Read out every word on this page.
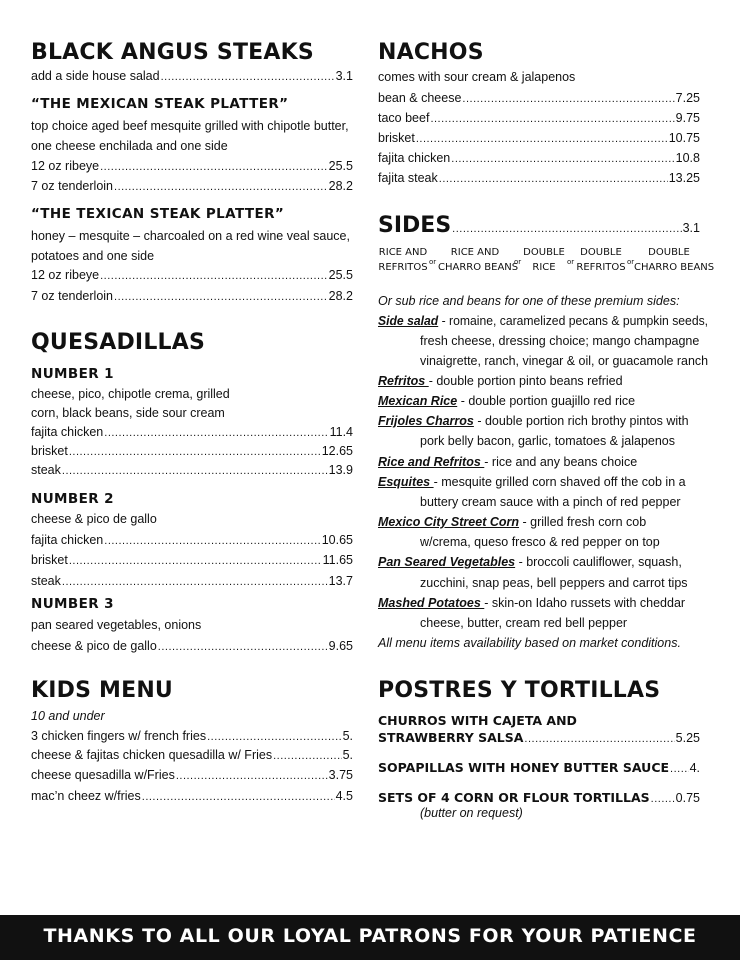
BLACK ANGUS STEAKS
add a side house salad .....	3.1
“THE MEXICAN STEAK PLATTER”
top choice aged beef mesquite grilled with chipotle butter,
one cheese enchilada and one side
12 oz ribeye .....	25.5
7 oz tenderloin .....	28.2
“THE TEXICAN STEAK PLATTER”
honey – mesquite – charcoaled on a red wine veal sauce,
potatoes and one side
12 oz ribeye .....	25.5
7 oz tenderloin .....	28.2
QUESADILLAS
NUMBER 1
cheese, pico, chipotle crema, grilled
corn, black beans, side sour cream
fajita chicken .....	11.4
brisket .....	12.65
steak .....	13.9
NUMBER 2
cheese & pico de gallo
fajita chicken .....	10.65
brisket .....	11.65
steak .....	13.7
NUMBER 3
pan seared vegetables, onions
cheese & pico de gallo .....	9.65
KIDS MENU
10 and under
3 chicken fingers w/ french fries .....	5.
cheese & fajitas chicken quesadilla w/ Fries .....	5.
cheese quesadilla w/Fries .....	3.75
mac’n cheez w/fries .....	4.5
NACHOS
comes with sour cream & jalapenos
bean & cheese .....	7.25
taco beef .....	9.75
brisket .....	10.75
fajita chicken .....	10.8
fajita steak .....	13.25
SIDES .....	3.1
RICE AND
REFRITOS or
RICE AND
CHARRO BEANS
or
DOUBLE
RICE	or
DOUBLE
REFRITOS or
DOUBLE
CHARRO BEANS
Or sub rice and beans for one of these premium sides:
Side salad - romaine, caramelized pecans & pumpkin seeds,
fresh cheese, dressing choice; mango champagne
vinaigrette, ranch, vinegar & oil, or guacamole ranch
Refritos - double portion pinto beans refried
Mexican Rice - double portion guajillo red rice
Frijoles Charros - double portion rich brothy pintos with
pork belly bacon, garlic, tomatoes & jalapenos
Rice and Refritos - rice and any beans choice
Esquites - mesquite grilled corn shaved off the cob in a
buttery cream sauce with a pinch of red pepper
Mexico City Street Corn - grilled fresh corn cob
w/crema, queso fresco & red pepper on top
Pan Seared Vegetables - broccoli cauliflower, squash,
zucchini, snap peas, bell peppers and carrot tips
Mashed Potatoes - skin-on Idaho russets with cheddar
cheese, butter, cream red bell pepper
All menu items availability based on market conditions.
POSTRES Y TORTILLAS
CHURROS WITH CAJETA AND
STRAWBERRY SALSA .....	5.25
SOPAPILLAS WITH HONEY BUTTER SAUCE ..... 4.
SETS OF 4 CORN OR FLOUR TORTILLAS ..... 0.75
(butter on request)
THANKS TO ALL OUR LOYAL PATRONS FOR YOUR PATIENCE
